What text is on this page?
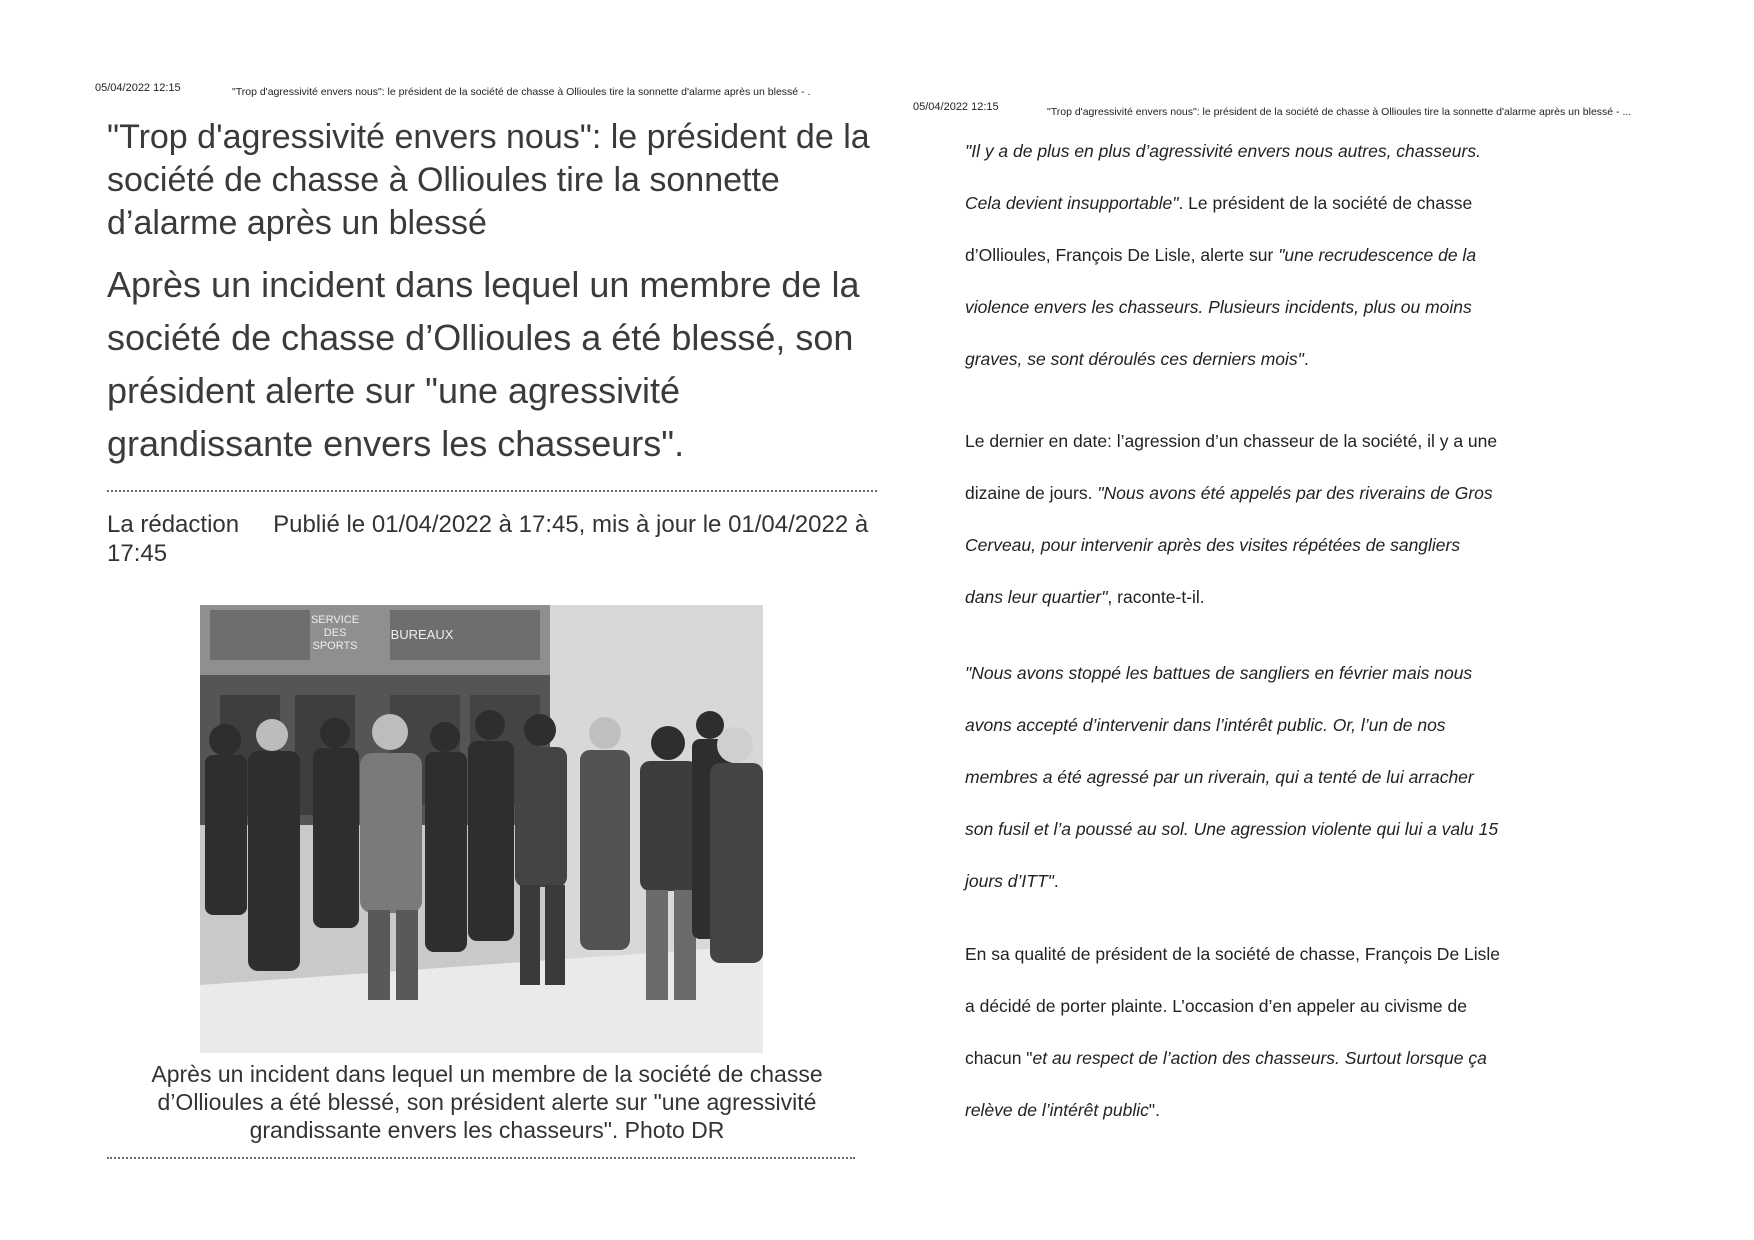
05/04/2022 12:15	"Trop d'agressivité envers nous": le président de la société de chasse à Ollioules tire la sonnette d'alarme après un blessé - .
"Trop d'agressivité envers nous": le président de la société de chasse à Ollioules tire la sonnette d’alarme après un blessé
Après un incident dans lequel un membre de la société de chasse d’Ollioules a été blessé, son président alerte sur "une agressivité grandissante envers les chasseurs".
La rédaction Publié le 01/04/2022 à 17:45, mis à jour le 01/04/2022 à 17:45
SERVICE
DES
SPORTS
BUREAUX
Après un incident dans lequel un membre de la société de chasse d’Ollioules a été blessé, son président alerte sur "une agressivité grandissante envers les chasseurs". Photo DR
05/04/2022 12:15	"Trop d'agressivité envers nous": le président de la société de chasse à Ollioules tire la sonnette d'alarme après un blessé - ...
"Il y a de plus en plus d’agressivité envers nous autres, chasseurs.
Cela devient insupportable". Le président de la société de chasse
d’Ollioules, François De Lisle, alerte sur "une recrudescence de la
violence envers les chasseurs. Plusieurs incidents, plus ou moins
graves, se sont déroulés ces derniers mois".
Le dernier en date: l’agression d’un chasseur de la société, il y a une
dizaine de jours. "Nous avons été appelés par des riverains de Gros
Cerveau, pour intervenir après des visites répétées de sangliers
dans leur quartier", raconte-t-il.
"Nous avons stoppé les battues de sangliers en février mais nous
avons accepté d’intervenir dans l’intérêt public. Or, l’un de nos
membres a été agressé par un riverain, qui a tenté de lui arracher
son fusil et l’a poussé au sol. Une agression violente qui lui a valu 15
jours d’ITT".
En sa qualité de président de la société de chasse, François De Lisle
a décidé de porter plainte. L’occasion d’en appeler au civisme de
chacun "et au respect de l’action des chasseurs. Surtout lorsque ça
relève de l’intérêt public".
